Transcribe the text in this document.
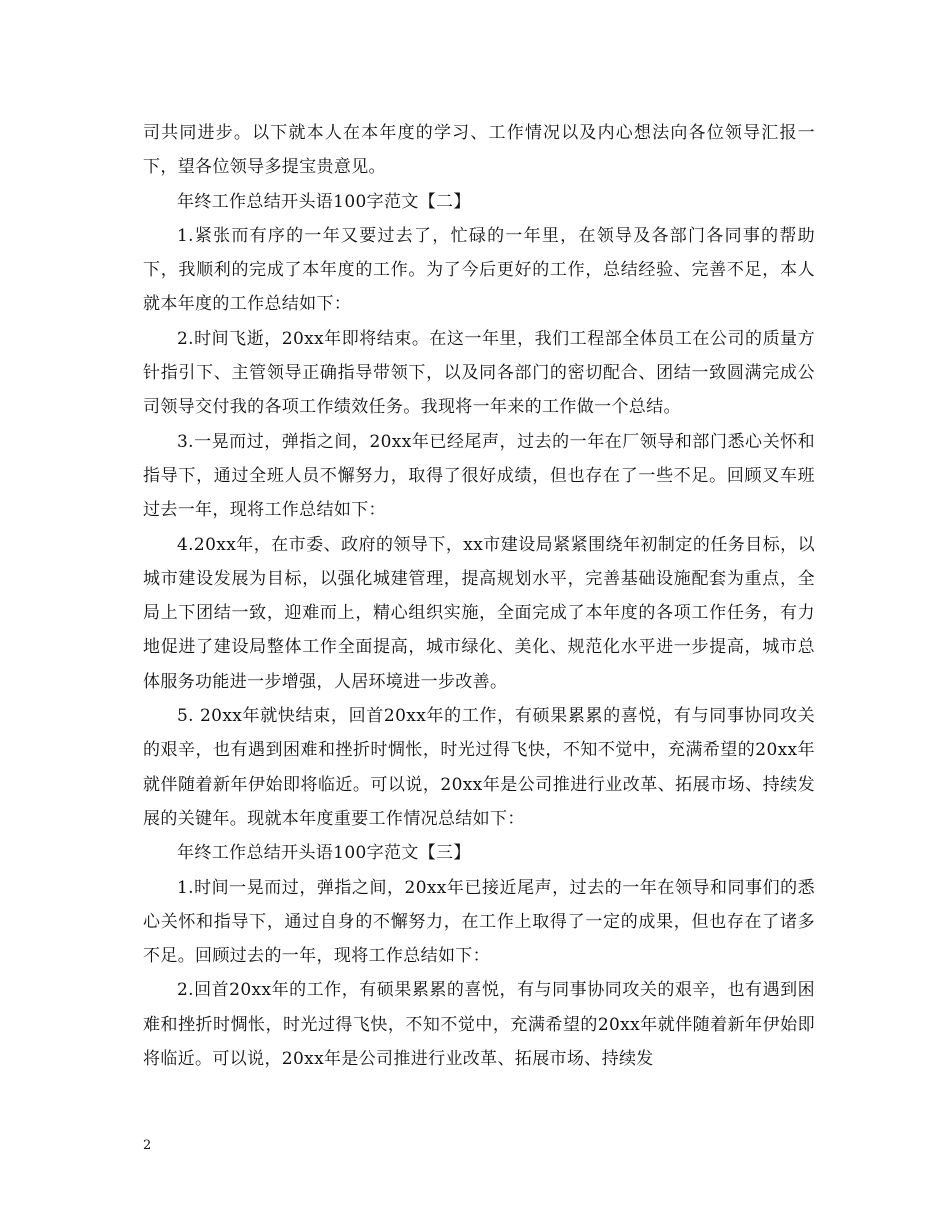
司共同进步。以下就本人在本年度的学习、工作情况以及内心想法向各位领导汇报一下，望各位领导多提宝贵意见。

年终工作总结开头语100字范文【二】

1.紧张而有序的一年又要过去了，忙碌的一年里，在领导及各部门各同事的帮助下，我顺利的完成了本年度的工作。为了今后更好的工作，总结经验、完善不足，本人就本年度的工作总结如下：

2.时间飞逝，20xx年即将结束。在这一年里，我们工程部全体员工在公司的质量方针指引下、主管领导正确指导带领下，以及同各部门的密切配合、团结一致圆满完成公司领导交付我的各项工作绩效任务。我现将一年来的工作做一个总结。

3.一晃而过，弹指之间，20xx年已经尾声，过去的一年在厂领导和部门悉心关怀和指导下，通过全班人员不懈努力，取得了很好成绩，但也存在了一些不足。回顾叉车班过去一年，现将工作总结如下：

4.20xx年，在市委、政府的领导下，xx市建设局紧紧围绕年初制定的任务目标，以城市建设发展为目标，以强化城建管理，提高规划水平，完善基础设施配套为重点，全局上下团结一致，迎难而上，精心组织实施，全面完成了本年度的各项工作任务，有力地促进了建设局整体工作全面提高，城市绿化、美化、规范化水平进一步提高，城市总体服务功能进一步增强，人居环境进一步改善。

5. 20xx年就快结束，回首20xx年的工作，有硕果累累的喜悦，有与同事协同攻关的艰辛，也有遇到困难和挫折时惆怅，时光过得飞快，不知不觉中，充满希望的20xx年就伴随着新年伊始即将临近。可以说，20xx年是公司推进行业改革、拓展市场、持续发展的关键年。现就本年度重要工作情况总结如下：

年终工作总结开头语100字范文【三】

1.时间一晃而过，弹指之间，20xx年已接近尾声，过去的一年在领导和同事们的悉心关怀和指导下，通过自身的不懈努力，在工作上取得了一定的成果，但也存在了诸多不足。回顾过去的一年，现将工作总结如下：

2.回首20xx年的工作，有硕果累累的喜悦，有与同事协同攻关的艰辛，也有遇到困难和挫折时惆怅，时光过得飞快，不知不觉中，充满希望的20xx年就伴随着新年伊始即将临近。可以说，20xx年是公司推进行业改革、拓展市场、持续发

2
